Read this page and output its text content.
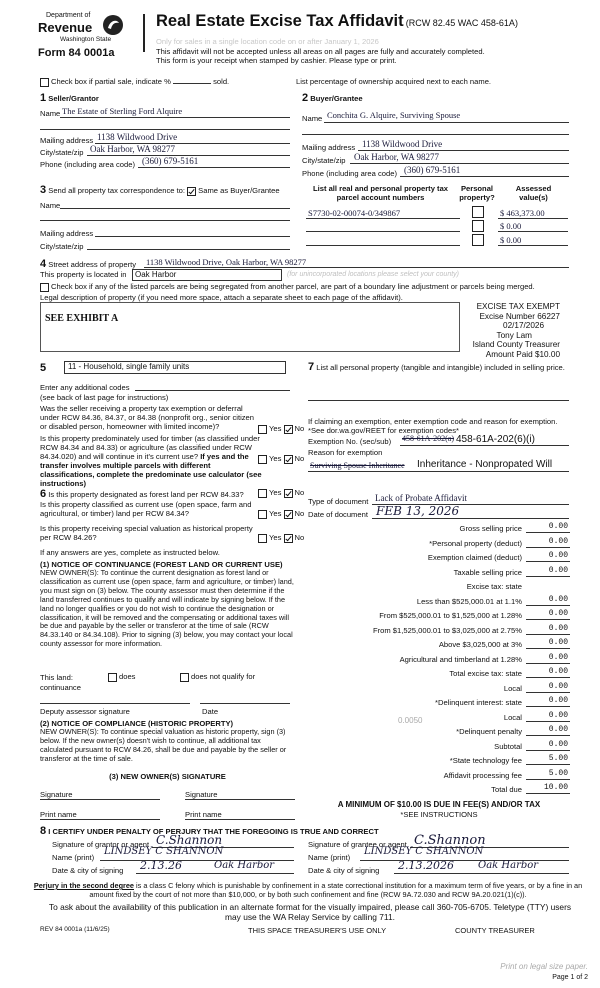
Department of
Revenue
Washington State
Form 84 0001a
Real Estate Excise Tax Affidavit (RCW 82.45 WAC 458-61A)
Only for sales in a single location code on or after January 1, 2026
This affidavit will not be accepted unless all areas on all pages are fully and accurately completed.
This form is your receipt when stamped by cashier. Please type or print.
Check box if partial sale, indicate %	sold.	List percentage of ownership acquired next to each name.
1 Seller/Grantor
Name The Estate of Sterling Ford Alquire
Mailing address 1138 Wildwood Drive
City/state/zip Oak Harbor, WA 98277
Phone (including area code) (360) 679-5161
2 Buyer/Grantee
Name Conchita G. Alquire, Surviving Spouse
Mailing address 1138 Wildwood Drive
City/state/zip Oak Harbor, WA 98277
Phone (including area code) (360) 679-5161
3 Send all property tax correspondence to: Same as Buyer/Grantee
Name
Mailing address
City/state/zip
List all real and personal property tax parcel account numbers
Personal property?
Assessed value(s)
S7730-02-00074-0/349867	$ 463,373.00
$ 0.00
$ 0.00
4 Street address of property 1138 Wildwood Drive, Oak Harbor, WA 98277
This property is located in	Oak Harbor	(for unincorporated locations please select your county)
Check box if any of the listed parcels are being segregated from another parcel, are part of a boundary line adjustment or parcels being merged.
Legal description of property (if you need more space, attach a separate sheet to each page of the affidavit).
SEE EXHIBIT A
EXCISE TAX EXEMPT
Excise Number 66227
02/17/2026
Tony Lam
Island County Treasurer
Amount Paid $10.00
5	11 - Household, single family units
Enter any additional codes
(see back of last page for instructions)
Was the seller receiving a property tax exemption or deferral under RCW 84.36, 84.37, or 84.38 (nonprofit org., senior citizen or disabled person, homeowner with limited income)?	Yes No
Is this property predominately used for timber (as classified under RCW 84.34 and 84.33) or agriculture (as classified under RCW 84.34.020) and will continue in it's current use? If yes and the transfer involves multiple parcels with different classifications, complete the predominate use calculator (see instructions)
Yes No
6 Is this property designated as forest land per RCW 84.33?	Yes No
Is this property classified as current use (open space, farm and agricultural, or timber) land per RCW 84.34?	Yes No
Is this property receiving special valuation as historical property per RCW 84.26?	Yes No
If any answers are yes, complete as instructed below.
(1) NOTICE OF CONTINUANCE (FOREST LAND OR CURRENT USE)
NEW OWNER(S): To continue the current designation as forest land or classification as current use (open space, farm and agriculture, or timber) land, you must sign on (3) below. The county assessor must then determine if the land transferred continues to qualify and will indicate by signing below. If the land no longer qualifies or you do not wish to continue the designation or classification, it will be removed and the compensating or additional taxes will be due and payable by the seller or transferor at the time of sale (RCW 84.33.140 or 84.34.108). Prior to signing (3) below, you may contact your local county assessor for more information.
This land:	does	does not qualify for
continuance
Deputy assessor signature	Date
(2) NOTICE OF COMPLIANCE (HISTORIC PROPERTY)
NEW OWNER(S): To continue special valuation as historic property, sign (3) below. If the new owner(s) doesn't wish to continue, all additional tax calculated pursuant to RCW 84.26, shall be due and payable by the seller or transferor at the time of sale.
(3) NEW OWNER(S) SIGNATURE
Signature	Signature
Print name	Print name
7 List all personal property (tangible and intangible) included in selling price.
If claiming an exemption, enter exemption code and reason for exemption. *See dor.wa.gov/REET for exemption codes*
Exemption No. (sec/sub) 458-61A-202(a) 458-61A-202(6)(i)
Reason for exemption
Surviving Spouse Inheritance Inheritance - Nonpropated Will
Type of document Lack of Probate Affidavit
Date of document FEB 13, 2026
Gross selling price	0.00
*Personal property (deduct)	0.00
Exemption claimed (deduct)	0.00
Taxable selling price	0.00
Excise tax: state
Less than $525,000.01 at 1.1%	0.00
From $525,000.01 to $1,525,000 at 1.28%	0.00
From $1,525,000.01 to $3,025,000 at 2.75%	0.00
Above $3,025,000 at 3%	0.00
Agricultural and timberland at 1.28%	0.00
Total excise tax: state	0.00
Local	0.00
*Delinquent interest: state	0.00
Local	0.00
*Delinquent penalty	0.00
Subtotal	0.00
*State technology fee	5.00
Affidavit processing fee	5.00
Total due	10.00
0.0050
A MINIMUM OF $10.00 IS DUE IN FEE(S) AND/OR TAX
*SEE INSTRUCTIONS
8 I CERTIFY UNDER PENALTY OF PERJURY THAT THE FOREGOING IS TRUE AND CORRECT
Signature of grantor or agent C.Shannon
Name (print)
LINDSEY C SHANNON
Date & city of signing 2.13.26	Oak Harbor
Signature of grantee or agent C.Shannon
Name (print)
LINDSEY C SHANNON
Date & city of signing 2.13.2026 Oak Harbor
Perjury in the second degree is a class C felony which is punishable by confinement in a state correctional institution for a maximum term of five years, or by a fine in an amount fixed by the court of not more than $10,000, or by both such confinement and fine (RCW 9A.72.030 and RCW 9A.20.021(1)(c)).
To ask about the availability of this publication in an alternate format for the visually impaired, please call 360-705-6705. Teletype (TTY) users may use the WA Relay Service by calling 711.
REV 84 0001a (11/6/25)	THIS SPACE TREASURER'S USE ONLY	COUNTY TREASURER
Print on legal size paper.
Page 1 of 2
